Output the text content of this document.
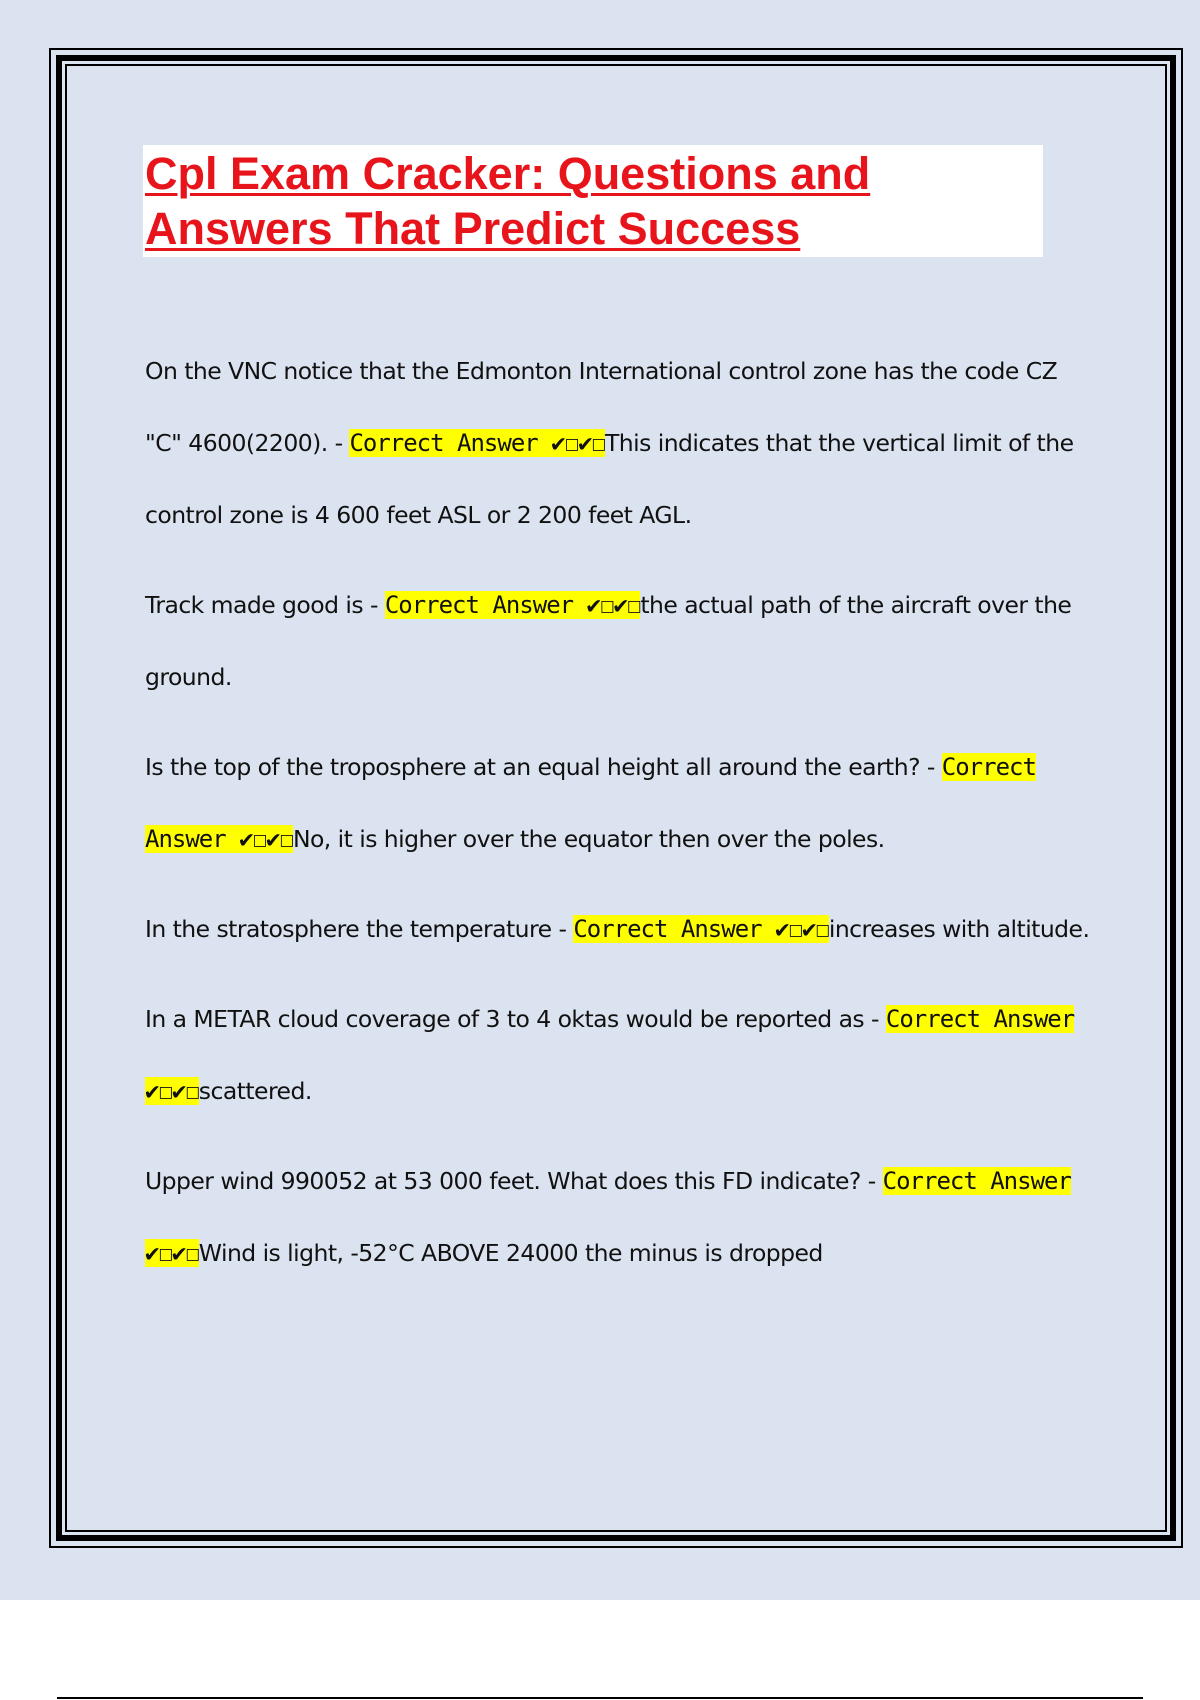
Cpl Exam Cracker: Questions and Answers That Predict Success

On the VNC notice that the Edmonton International control zone has the code CZ "C" 4600(2200). - Correct Answer ✔☐✔☐This indicates that the vertical limit of the control zone is 4 600 feet ASL or 2 200 feet AGL.

Track made good is - Correct Answer ✔☐✔☐the actual path of the aircraft over the ground.

Is the top of the troposphere at an equal height all around the earth? - Correct Answer ✔☐✔☐No, it is higher over the equator then over the poles.

In the stratosphere the temperature - Correct Answer ✔☐✔☐increases with altitude.

In a METAR cloud coverage of 3 to 4 oktas would be reported as - Correct Answer ✔☐✔☐scattered.

Upper wind 990052 at 53 000 feet. What does this FD indicate? - Correct Answer ✔☐✔☐Wind is light, -52°C ABOVE 24000 the minus is dropped
